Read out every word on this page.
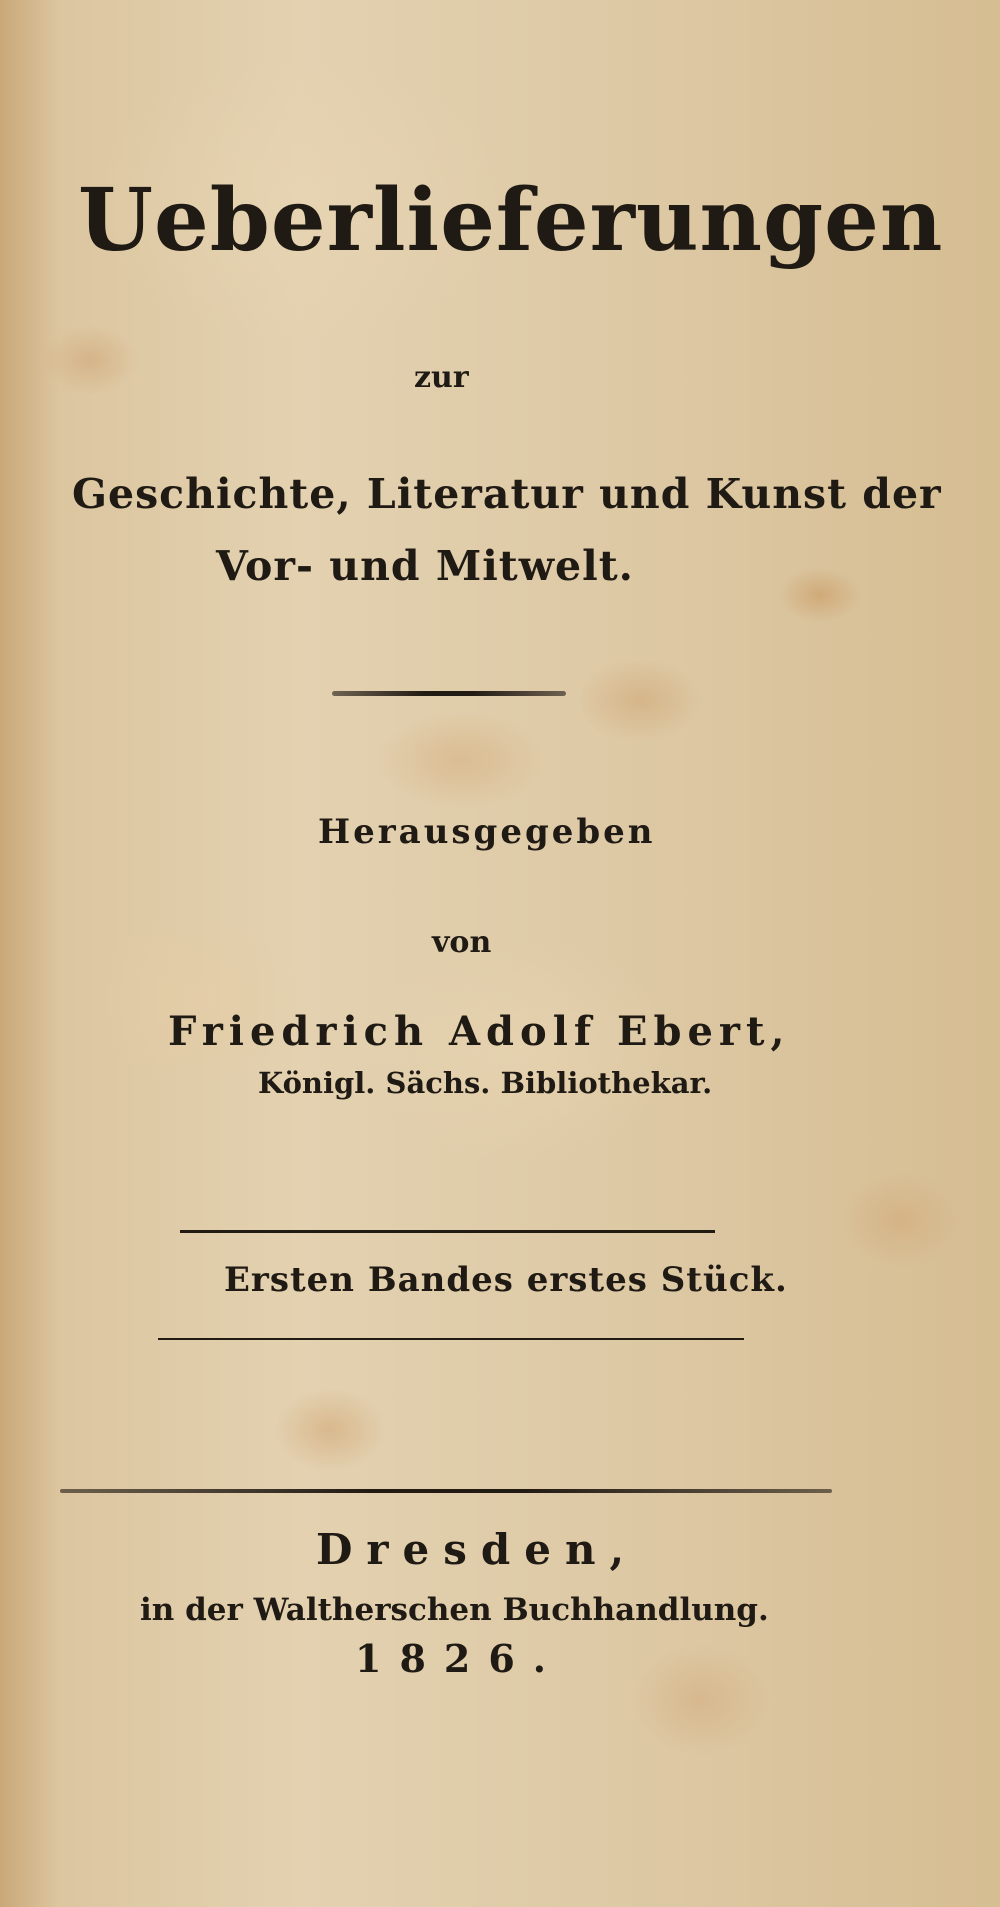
Ueberlieferungen
zur
Geschichte, Literatur und Kunst der
Vor- und Mitwelt.
Herausgegeben
von
Friedrich Adolf Ebert,
Königl. Sächs. Bibliothekar.
Ersten Bandes erstes Stück.
Dresden,
in der Waltherschen Buchhandlung.
1826.
